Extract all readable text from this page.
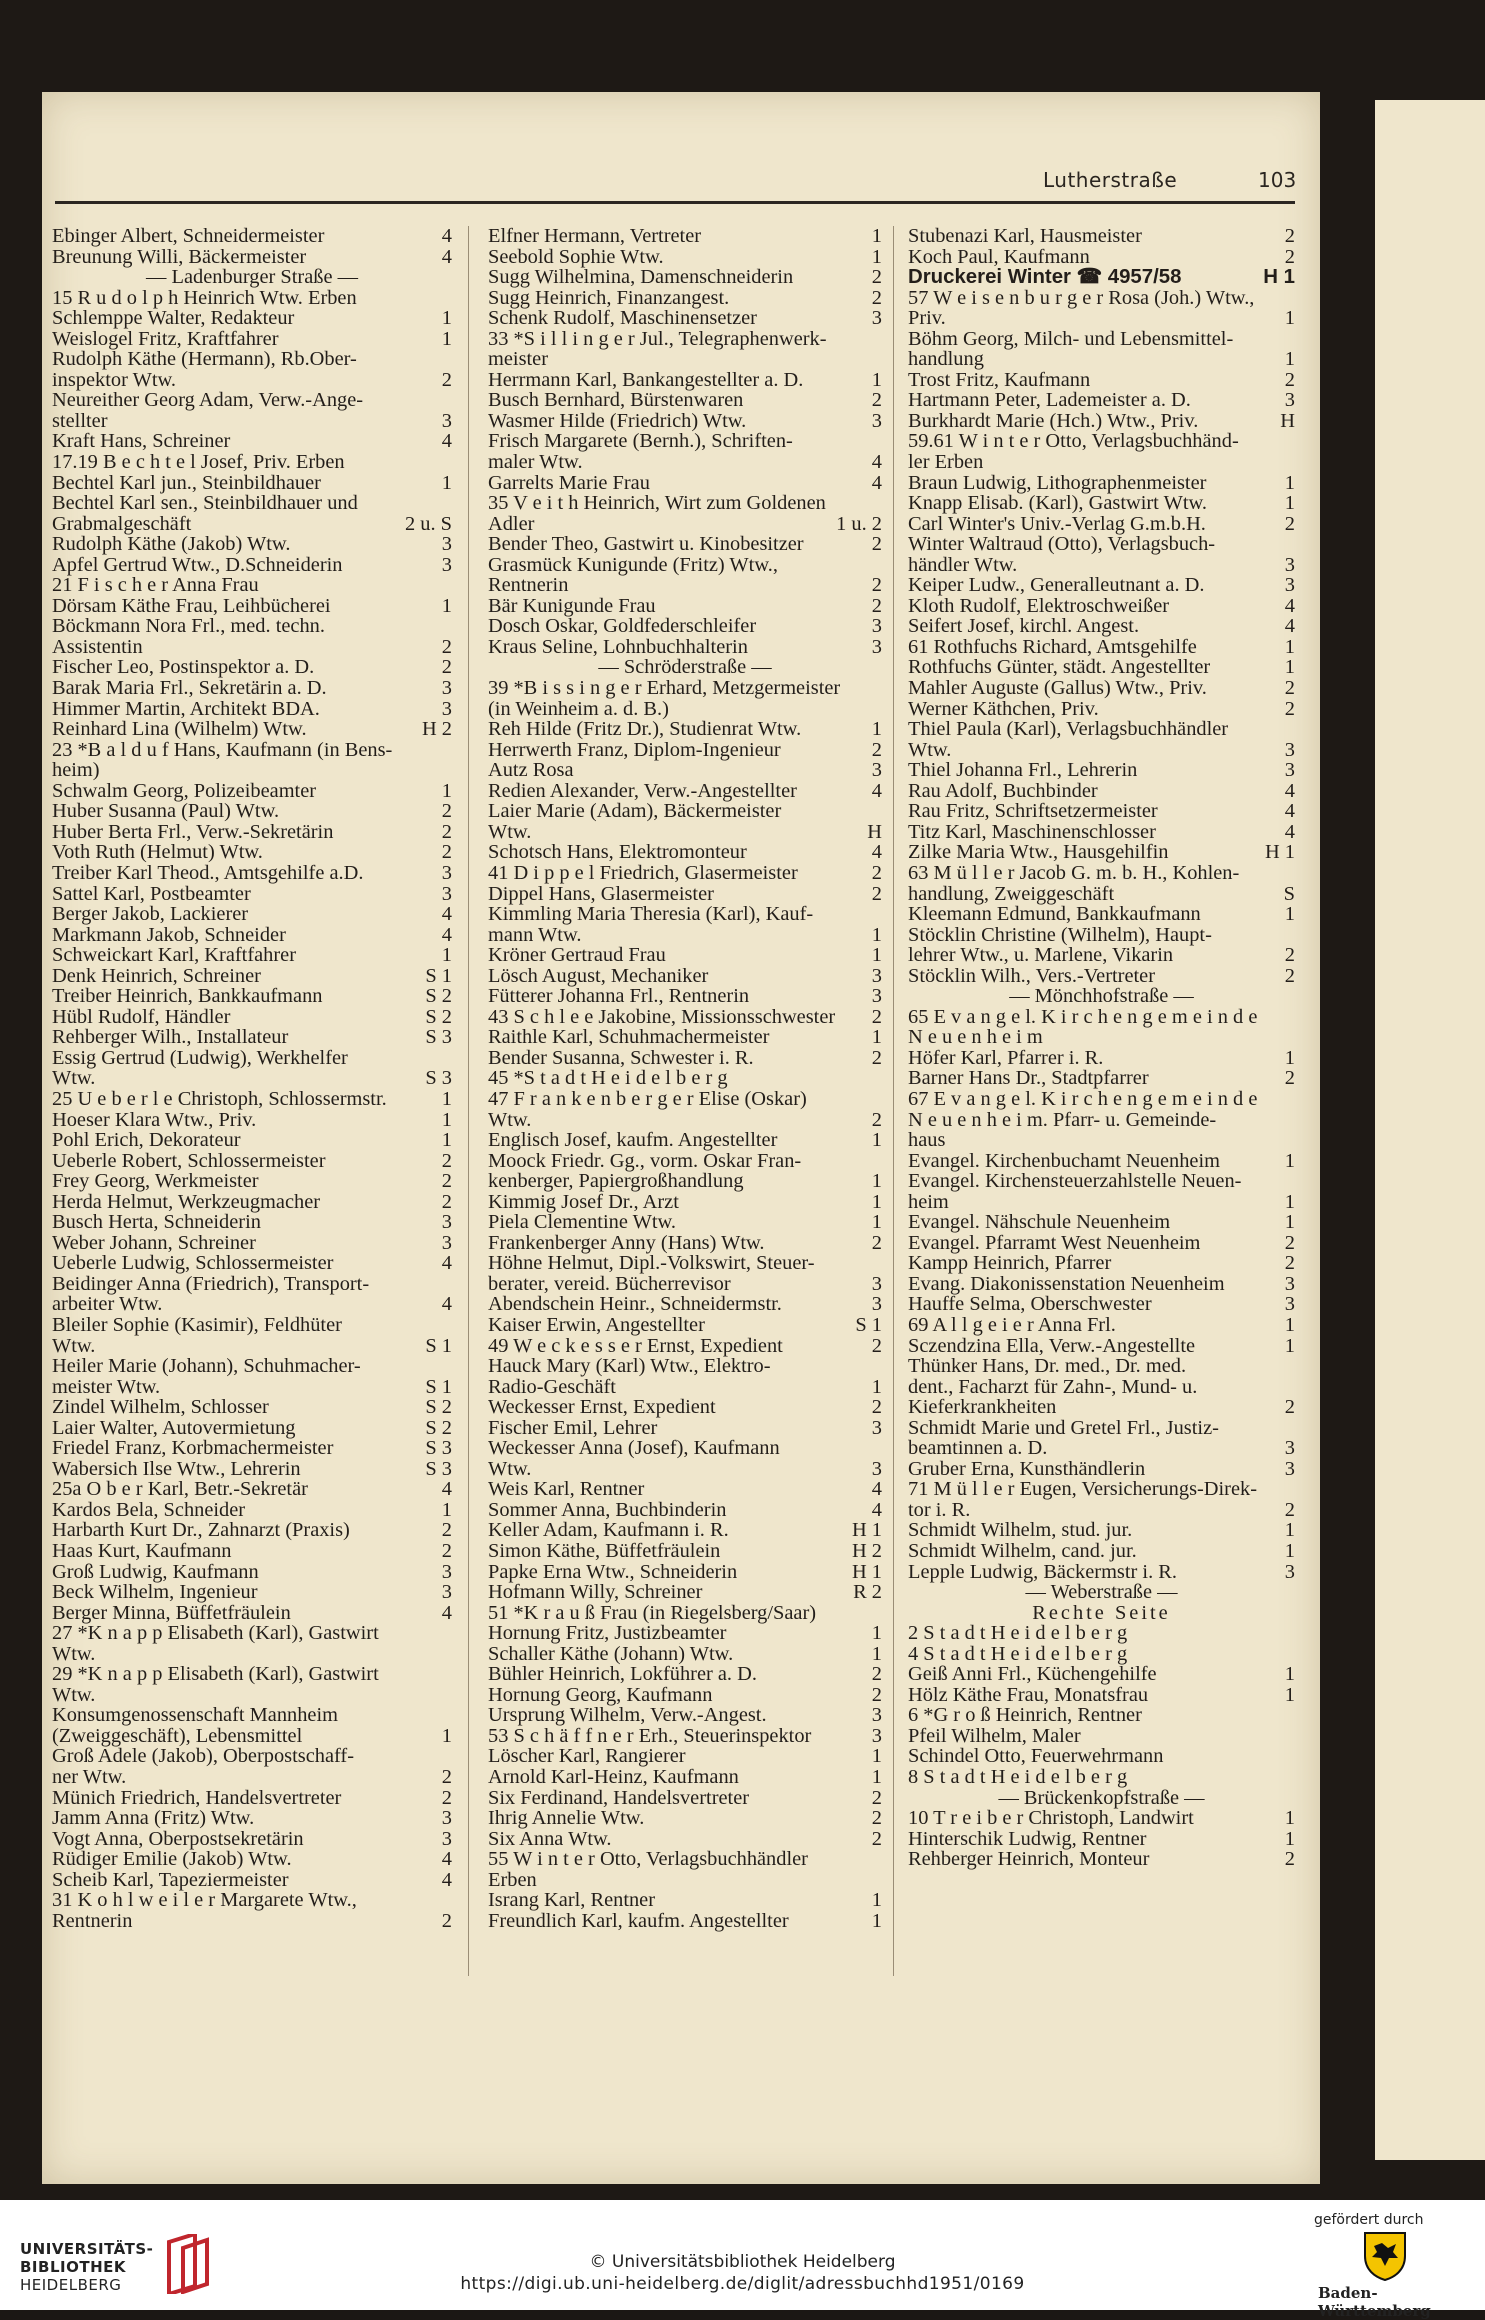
Lutherstraße	103
Ebinger Albert, Schneidermeister	4
Breunung Willi, Bäckermeister	4
— Ladenburger Straße —
15 R u d o l p h Heinrich Wtw. Erben
Schlemppe Walter, Redakteur	1
Weislogel Fritz, Kraftfahrer	1
Rudolph Käthe (Hermann), Rb.Ober-
inspektor Wtw.	2
Neureither Georg Adam, Verw.-Ange-
stellter	3
Kraft Hans, Schreiner	4
17.19 B e c h t e l Josef, Priv. Erben
Bechtel Karl jun., Steinbildhauer	1
Bechtel Karl sen., Steinbildhauer und
Grabmalgeschäft	2 u. S
Rudolph Käthe (Jakob) Wtw.	3
Apfel Gertrud Wtw., D.Schneiderin	3
21 F i s c h e r Anna Frau
Dörsam Käthe Frau, Leihbücherei	1
Böckmann Nora Frl., med. techn.
Assistentin	2
Fischer Leo, Postinspektor a. D.	2
Barak Maria Frl., Sekretärin a. D.	3
Himmer Martin, Architekt BDA.	3
Reinhard Lina (Wilhelm) Wtw.	H 2
23 *B a l d u f Hans, Kaufmann (in Bens-
heim)
Schwalm Georg, Polizeibeamter	1
Huber Susanna (Paul) Wtw.	2
Huber Berta Frl., Verw.-Sekretärin	2
Voth Ruth (Helmut) Wtw.	2
Treiber Karl Theod., Amtsgehilfe a.D.	3
Sattel Karl, Postbeamter	3
Berger Jakob, Lackierer	4
Markmann Jakob, Schneider	4
Schweickart Karl, Kraftfahrer	1
Denk Heinrich, Schreiner	S 1
Treiber Heinrich, Bankkaufmann	S 2
Hübl Rudolf, Händler	S 2
Rehberger Wilh., Installateur	S 3
Essig Gertrud (Ludwig), Werkhelfer
Wtw.	S 3
25 U e b e r l e Christoph, Schlossermstr.	1
Hoeser Klara Wtw., Priv.	1
Pohl Erich, Dekorateur	1
Ueberle Robert, Schlossermeister	2
Frey Georg, Werkmeister	2
Herda Helmut, Werkzeugmacher	2
Busch Herta, Schneiderin	3
Weber Johann, Schreiner	3
Ueberle Ludwig, Schlossermeister	4
Beidinger Anna (Friedrich), Transport-
arbeiter Wtw.	4
Bleiler Sophie (Kasimir), Feldhüter
Wtw.	S 1
Heiler Marie (Johann), Schuhmacher-
meister Wtw.	S 1
Zindel Wilhelm, Schlosser	S 2
Laier Walter, Autovermietung	S 2
Friedel Franz, Korbmachermeister	S 3
Wabersich Ilse Wtw., Lehrerin	S 3
25a O b e r Karl, Betr.-Sekretär	4
Kardos Bela, Schneider	1
Harbarth Kurt Dr., Zahnarzt (Praxis)	2
Haas Kurt, Kaufmann	2
Groß Ludwig, Kaufmann	3
Beck Wilhelm, Ingenieur	3
Berger Minna, Büffetfräulein	4
27 *K n a p p Elisabeth (Karl), Gastwirt
Wtw.
29 *K n a p p Elisabeth (Karl), Gastwirt
Wtw.
Konsumgenossenschaft Mannheim
(Zweiggeschäft), Lebensmittel	1
Groß Adele (Jakob), Oberpostschaff-
ner Wtw.	2
Münich Friedrich, Handelsvertreter	2
Jamm Anna (Fritz) Wtw.	3
Vogt Anna, Oberpostsekretärin	3
Rüdiger Emilie (Jakob) Wtw.	4
Scheib Karl, Tapeziermeister	4
31 K o h l w e i l e r Margarete Wtw.,
Rentnerin	2
Elfner Hermann, Vertreter	1
Seebold Sophie Wtw.	1
Sugg Wilhelmina, Damenschneiderin	2
Sugg Heinrich, Finanzangest.	2
Schenk Rudolf, Maschinensetzer	3
33 *S i l l i n g e r Jul., Telegraphenwerk-
meister
Herrmann Karl, Bankangestellter a. D.	1
Busch Bernhard, Bürstenwaren	2
Wasmer Hilde (Friedrich) Wtw.	3
Frisch Margarete (Bernh.), Schriften-
maler Wtw.	4
Garrelts Marie Frau	4
35 V e i t h Heinrich, Wirt zum Goldenen
Adler	1 u. 2
Bender Theo, Gastwirt u. Kinobesitzer	2
Grasmück Kunigunde (Fritz) Wtw.,
Rentnerin	2
Bär Kunigunde Frau	2
Dosch Oskar, Goldfederschleifer	3
Kraus Seline, Lohnbuchhalterin	3
— Schröderstraße —
39 *B i s s i n g e r Erhard, Metzgermeister
(in Weinheim a. d. B.)
Reh Hilde (Fritz Dr.), Studienrat Wtw.	1
Herrwerth Franz, Diplom-Ingenieur	2
Autz Rosa	3
Redien Alexander, Verw.-Angestellter	4
Laier Marie (Adam), Bäckermeister
Wtw.	H
Schotsch Hans, Elektromonteur	4
41 D i p p e l Friedrich, Glasermeister	2
Dippel Hans, Glasermeister	2
Kimmling Maria Theresia (Karl), Kauf-
mann Wtw.	1
Kröner Gertraud Frau	1
Lösch August, Mechaniker	3
Fütterer Johanna Frl., Rentnerin	3
43 S c h l e e Jakobine, Missionsschwester	2
Raithle Karl, Schuhmachermeister	1
Bender Susanna, Schwester i. R.	2
45 *S t a d t H e i d e l b e r g
47 F r a n k e n b e r g e r Elise (Oskar)
Wtw.	2
Englisch Josef, kaufm. Angestellter	1
Moock Friedr. Gg., vorm. Oskar Fran-
kenberger, Papiergroßhandlung	1
Kimmig Josef Dr., Arzt	1
Piela Clementine Wtw.	1
Frankenberger Anny (Hans) Wtw.	2
Höhne Helmut, Dipl.-Volkswirt, Steuer-
berater, vereid. Bücherrevisor	3
Abendschein Heinr., Schneidermstr.	3
Kaiser Erwin, Angestellter	S 1
49 W e c k e s s e r Ernst, Expedient	2
Hauck Mary (Karl) Wtw., Elektro-
Radio-Geschäft	1
Weckesser Ernst, Expedient	2
Fischer Emil, Lehrer	3
Weckesser Anna (Josef), Kaufmann
Wtw.	3
Weis Karl, Rentner	4
Sommer Anna, Buchbinderin	4
Keller Adam, Kaufmann i. R.	H 1
Simon Käthe, Büffetfräulein	H 2
Papke Erna Wtw., Schneiderin	H 1
Hofmann Willy, Schreiner	R 2
51 *K r a u ß Frau (in Riegelsberg/Saar)
Hornung Fritz, Justizbeamter	1
Schaller Käthe (Johann) Wtw.	1
Bühler Heinrich, Lokführer a. D.	2
Hornung Georg, Kaufmann	2
Ursprung Wilhelm, Verw.-Angest.	3
53 S c h ä f f n e r Erh., Steuerinspektor	3
Löscher Karl, Rangierer	1
Arnold Karl-Heinz, Kaufmann	1
Six Ferdinand, Handelsvertreter	2
Ihrig Annelie Wtw.	2
Six Anna Wtw.	2
55 W i n t e r Otto, Verlagsbuchhändler
Erben
Israng Karl, Rentner	1
Freundlich Karl, kaufm. Angestellter	1
Stubenazi Karl, Hausmeister	2
Koch Paul, Kaufmann	2
Druckerei Winter ☎ 4957/58	H 1
57 W e i s e n b u r g e r Rosa (Joh.) Wtw.,
Priv.	1
Böhm Georg, Milch- und Lebensmittel-
handlung	1
Trost Fritz, Kaufmann	2
Hartmann Peter, Lademeister a. D.	3
Burkhardt Marie (Hch.) Wtw., Priv.	H
59.61 W i n t e r Otto, Verlagsbuchhänd-
ler Erben
Braun Ludwig, Lithographenmeister	1
Knapp Elisab. (Karl), Gastwirt Wtw.	1
Carl Winter's Univ.-Verlag G.m.b.H.	2
Winter Waltraud (Otto), Verlagsbuch-
händler Wtw.	3
Keiper Ludw., Generalleutnant a. D.	3
Kloth Rudolf, Elektroschweißer	4
Seifert Josef, kirchl. Angest.	4
61 Rothfuchs Richard, Amtsgehilfe	1
Rothfuchs Günter, städt. Angestellter	1
Mahler Auguste (Gallus) Wtw., Priv.	2
Werner Käthchen, Priv.	2
Thiel Paula (Karl), Verlagsbuchhändler
Wtw.	3
Thiel Johanna Frl., Lehrerin	3
Rau Adolf, Buchbinder	4
Rau Fritz, Schriftsetzermeister	4
Titz Karl, Maschinenschlosser	4
Zilke Maria Wtw., Hausgehilfin	H 1
63 M ü l l e r Jacob G. m. b. H., Kohlen-
handlung, Zweiggeschäft	S
Kleemann Edmund, Bankkaufmann	1
Stöcklin Christine (Wilhelm), Haupt-
lehrer Wtw., u. Marlene, Vikarin	2
Stöcklin Wilh., Vers.-Vertreter	2
— Mönchhofstraße —
65 E v a n g e l. K i r c h e n g e m e i n d e
N e u e n h e i m
Höfer Karl, Pfarrer i. R.	1
Barner Hans Dr., Stadtpfarrer	2
67 E v a n g e l. K i r c h e n g e m e i n d e
N e u e n h e i m. Pfarr- u. Gemeinde-
haus
Evangel. Kirchenbuchamt Neuenheim	1
Evangel. Kirchensteuerzahlstelle Neuen-
heim	1
Evangel. Nähschule Neuenheim	1
Evangel. Pfarramt West Neuenheim	2
Kampp Heinrich, Pfarrer	2
Evang. Diakonissenstation Neuenheim	3
Hauffe Selma, Oberschwester	3
69 A l l g e i e r Anna Frl.	1
Sczendzina Ella, Verw.-Angestellte	1
Thünker Hans, Dr. med., Dr. med.
dent., Facharzt für Zahn-, Mund- u.
Kieferkrankheiten	2
Schmidt Marie und Gretel Frl., Justiz-
beamtinnen a. D.	3
Gruber Erna, Kunsthändlerin	3
71 M ü l l e r Eugen, Versicherungs-Direk-
tor i. R.	2
Schmidt Wilhelm, stud. jur.	1
Schmidt Wilhelm, cand. jur.	1
Lepple Ludwig, Bäckermstr i. R.	3
— Weberstraße —
Rechte Seite
2 S t a d t H e i d e l b e r g
4 S t a d t H e i d e l b e r g
Geiß Anni Frl., Küchengehilfe	1
Hölz Käthe Frau, Monatsfrau	1
6 *G r o ß Heinrich, Rentner
Pfeil Wilhelm, Maler
Schindel Otto, Feuerwehrmann
8 S t a d t H e i d e l b e r g
— Brückenkopfstraße —
10 T r e i b e r Christoph, Landwirt	1
Hinterschik Ludwig, Rentner	1
Rehberger Heinrich, Monteur	2
UNIVERSITÄTS-
BIBLIOTHEK
HEIDELBERG
© Universitätsbibliothek Heidelberg
https://digi.ub.uni-heidelberg.de/diglit/adressbuchhd1951/0169
gefördert durch
Baden-Württemberg
